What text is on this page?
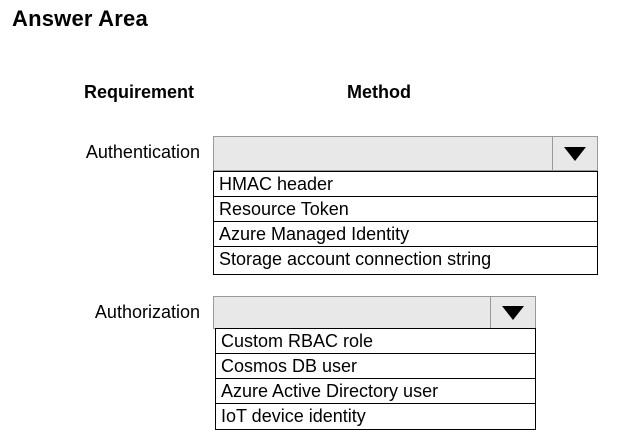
Answer Area
Requirement	Method
Authentication
HMAC header
Resource Token
Azure Managed Identity
Storage account connection string
Authorization
Custom RBAC role
Cosmos DB user
Azure Active Directory user
IoT device identity
